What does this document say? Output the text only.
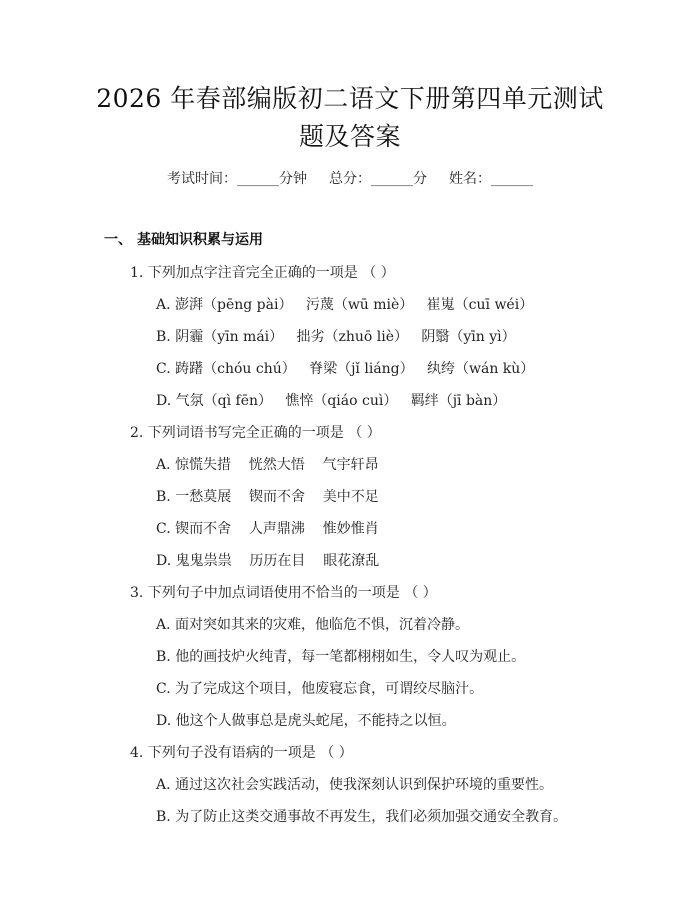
2026 年春部编版初二语文下册第四单元测试
题及答案
考试时间：______分钟 总分：______分 姓名：______
一、 基础知识积累与运用
1. 下列加点字注音完全正确的一项是 （ ）
A. 澎湃（pēng pài）   污蔑（wū miè）   崔嵬（cuī wéi）
B. 阴霾（yīn mái）   拙劣（zhuō liè）   阴翳（yīn yì）
C. 踌躇（chóu chú）   脊梁（jǐ liáng）   纨绔（wán kù）
D. 气氛（qì fēn）   憔悴（qiáo cuì）   羁绊（jī bàn）
2. 下列词语书写完全正确的一项是 （ ）
A. 惊慌失措    恍然大悟    气宇轩昂
B. 一愁莫展    锲而不舍    美中不足
C. 锲而不舍    人声鼎沸    惟妙惟肖
D. 鬼鬼祟祟    历历在目    眼花潦乱
3. 下列句子中加点词语使用不恰当的一项是 （ ）
A. 面对突如其来的灾难，他临危不惧，沉着冷静。
B. 他的画技炉火纯青，每一笔都栩栩如生，令人叹为观止。
C. 为了完成这个项目，他废寝忘食，可谓绞尽脑汁。
D. 他这个人做事总是虎头蛇尾，不能持之以恒。
4. 下列句子没有语病的一项是 （ ）
A. 通过这次社会实践活动，使我深刻认识到保护环境的重要性。
B. 为了防止这类交通事故不再发生，我们必须加强交通安全教育。
